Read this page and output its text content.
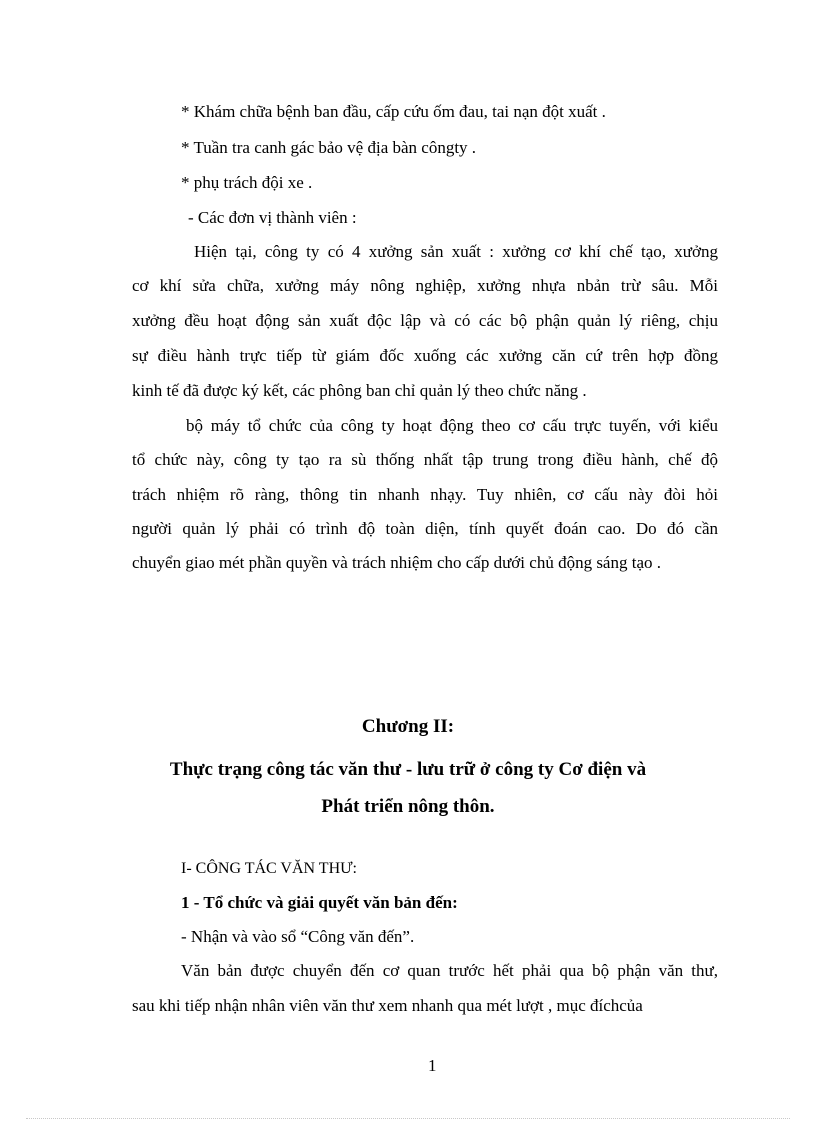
* Khám chữa bệnh ban đầu, cấp cứu ốm đau, tai nạn đột xuất .
* Tuần tra canh gác bảo vệ địa bàn côngty .
* phụ trách đội xe .
- Các đơn vị thành viên :
Hiện tại, công ty có 4 xưởng sản xuất : xưởng cơ khí chế tạo, xưởng
cơ khí sửa chữa, xưởng máy nông nghiệp, xưởng nhựa nbản trừ sâu. Mỗi
xưởng đều hoạt động sản xuất độc lập và có các bộ phận quản lý riêng, chịu
sự điều hành trực tiếp từ giám đốc xuống các xưởng căn cứ trên hợp đồng
kinh tế đã được ký kết, các phông ban chỉ quản lý theo chức năng .
bộ máy tổ chức của công ty hoạt động theo cơ cấu trực tuyến, với kiểu
tổ chức này, công ty tạo ra sù thống nhất tập trung trong điều hành, chế độ
trách nhiệm rõ ràng, thông tin nhanh nhạy. Tuy nhiên, cơ cấu này đòi hỏi
người quản lý phải có trình độ toàn diện, tính quyết đoán cao. Do đó cần
chuyển giao mét phần quyền và trách nhiệm cho cấp dưới chủ động sáng tạo .
Chương II:
Thực trạng công tác văn thư - lưu trữ ở công ty Cơ điện và
Phát triển nông thôn.
I- CÔNG TÁC VĂN THƯ:
1 - Tổ chức và giải quyết văn bản đến:
- Nhận và vào sổ “Công văn đến”.
Văn bản được chuyển đến cơ quan trước hết phải qua bộ phận văn thư,
sau khi tiếp nhận nhân viên văn thư xem nhanh qua mét lượt , mục đíchcủa
1
